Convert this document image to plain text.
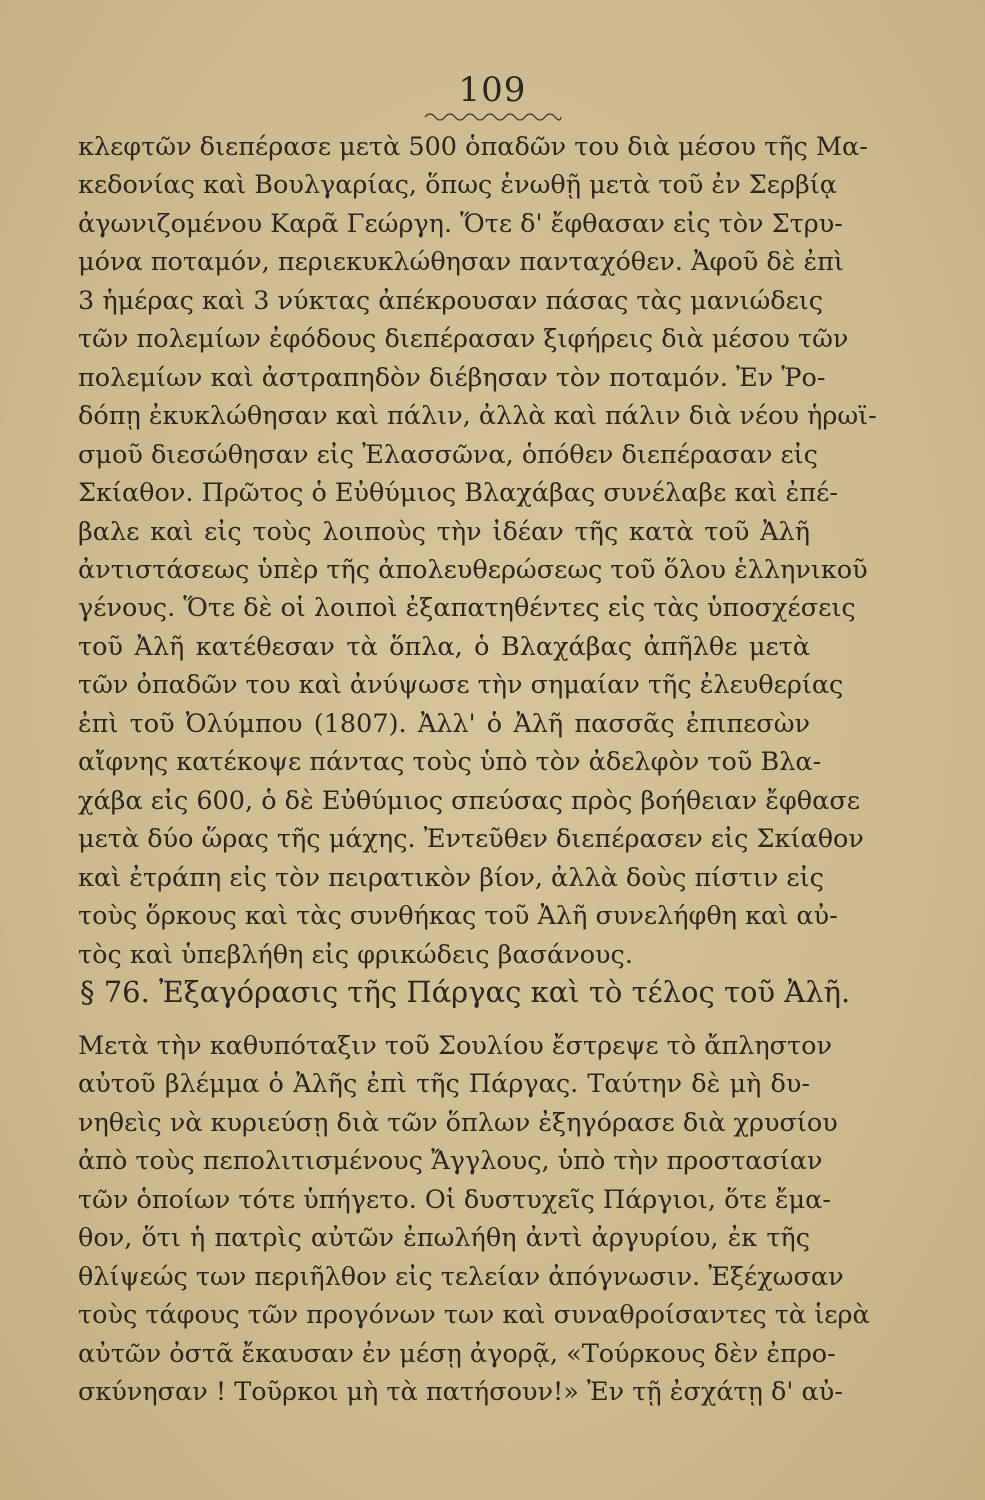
109
κλεφτῶν διεπέρασε μετὰ 500 ὁπαδῶν του διὰ μέσου τῆς Μα-
κεδονίας καὶ Βουλγαρίας, ὅπως ἑνωθῇ μετὰ τοῦ ἐν Σερβίᾳ
ἀγωνιζομένου Καρᾶ Γεώργη. Ὅτε δ' ἔφθασαν εἰς τὸν Στρυ-
μόνα ποταμόν, περιεκυκλώθησαν πανταχόθεν. Ἀφοῦ δὲ ἐπὶ
3 ἡμέρας καὶ 3 νύκτας ἀπέκρουσαν πάσας τὰς μανιώδεις
τῶν πολεμίων ἐφόδους διεπέρασαν ξιφήρεις διὰ μέσου τῶν
πολεμίων καὶ ἀστραπηδὸν διέβησαν τὸν ποταμόν. Ἐν Ῥο-
δόπῃ ἐκυκλώθησαν καὶ πάλιν, ἀλλὰ καὶ πάλιν διὰ νέου ἡρωϊ-
σμοῦ διεσώθησαν εἰς Ἐλασσῶνα, ὁπόθεν διεπέρασαν εἰς
Σκίαθον. Πρῶτος ὁ Εὐθύμιος Βλαχάβας συνέλαβε καὶ ἐπέ-
βαλε καὶ εἰς τοὺς λοιποὺς τὴν ἰδέαν τῆς κατὰ τοῦ Ἀλῆ
ἀντιστάσεως ὑπὲρ τῆς ἀπολευθερώσεως τοῦ ὅλου ἑλληνικοῦ
γένους. Ὅτε δὲ οἱ λοιποὶ ἐξαπατηθέντες εἰς τὰς ὑποσχέσεις
τοῦ Ἀλῆ κατέθεσαν τὰ ὅπλα, ὁ Βλαχάβας ἀπῆλθε μετὰ
τῶν ὀπαδῶν του καὶ ἀνύψωσε τὴν σημαίαν τῆς ἐλευθερίας
ἐπὶ τοῦ Ὀλύμπου (1807). Ἀλλ' ὁ Ἀλῆ πασσᾶς ἐπιπεσὼν
αἴφνης κατέκοψε πάντας τοὺς ὑπὸ τὸν ἀδελφὸν τοῦ Βλα-
χάβα εἰς 600, ὁ δὲ Εὐθύμιος σπεύσας πρὸς βοήθειαν ἔφθασε
μετὰ δύο ὥρας τῆς μάχης. Ἐντεῦθεν διεπέρασεν εἰς Σκίαθον
καὶ ἐτράπη εἰς τὸν πειρατικὸν βίον, ἀλλὰ δοὺς πίστιν εἰς
τοὺς ὅρκους καὶ τὰς συνθήκας τοῦ Ἀλῆ συνελήφθη καὶ αὐ-
τὸς καὶ ὑπεβλήθη εἰς φρικώδεις βασάνους.
§ 76. Ἐξαγόρασις τῆς Πάργας καὶ τὸ τέλος τοῦ Ἀλῆ.
Μετὰ τὴν καθυπόταξιν τοῦ Σουλίου ἔστρεψε τὸ ἄπληστον
αὐτοῦ βλέμμα ὁ Ἀλῆς ἐπὶ τῆς Πάργας. Ταύτην δὲ μὴ δυ-
νηθεὶς νὰ κυριεύσῃ διὰ τῶν ὅπλων ἐξηγόρασε διὰ χρυσίου
ἀπὸ τοὺς πεπολιτισμένους Ἄγγλους, ὑπὸ τὴν προστασίαν
τῶν ὁποίων τότε ὑπήγετο. Οἱ δυστυχεῖς Πάργιοι, ὅτε ἔμα-
θον, ὅτι ἡ πατρὶς αὐτῶν ἐπωλήθη ἀντὶ ἀργυρίου, ἐκ τῆς
θλίψεώς των περιῆλθον εἰς τελείαν ἀπόγνωσιν. Ἐξέχωσαν
τοὺς τάφους τῶν προγόνων των καὶ συναθροίσαντες τὰ ἱερὰ
αὐτῶν ὀστᾶ ἔκαυσαν ἐν μέσῃ ἀγορᾷ, «Τούρκους δὲν ἐπρο-
σκύνησαν ! Τοῦρκοι μὴ τὰ πατήσουν!» Ἐν τῇ ἐσχάτῃ δ' αὐ-
